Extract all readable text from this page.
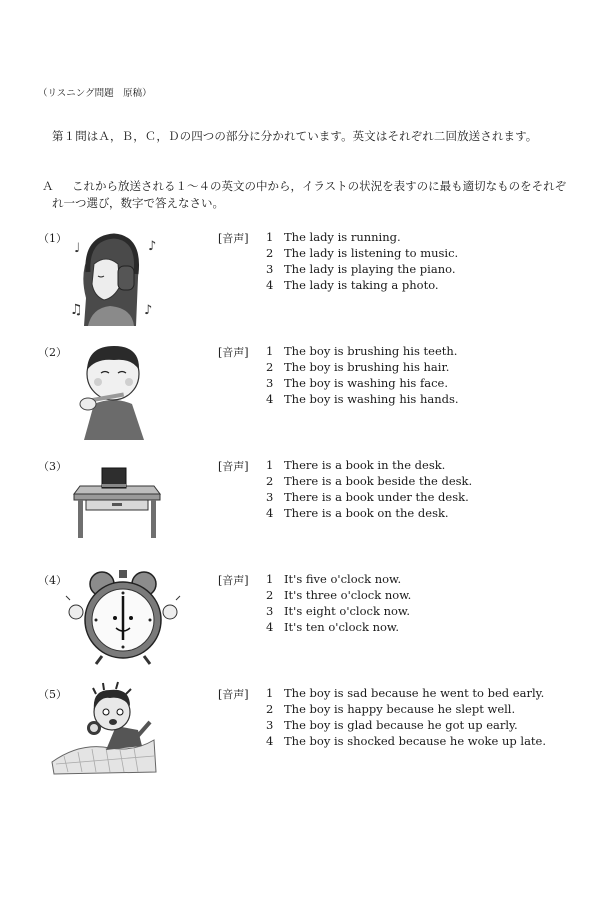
（リスニング問題　原稿）
第１問はＡ，Ｂ，Ｃ，Ｄの四つの部分に分かれています。英文はそれぞれ二回放送されます。
Ａ これから放送される１～４の英文の中から，イラストの状況を表すのに最も適切なものをそれぞ
れ一つ選び，数字で答えなさい。
（1）
♩	♪
♫	♪
[音声] 1 The lady is running.
2 The lady is listening to music.
3 The lady is playing the piano.
4 The lady is taking a photo.
（2）	[音声] 1 The boy is brushing his teeth.
2 The boy is brushing his hair.
3 The boy is washing his face.
4 The boy is washing his hands.
（3）	[音声] 1 There is a book in the desk.
2 There is a book beside the desk.
3 There is a book under the desk.
4 There is a book on the desk.
（4）	[音声] 1 It's five o'clock now.
2 It's three o'clock now.
3 It's eight o'clock now.
4 It's ten o'clock now.
（5）	[音声] 1 The boy is sad because he went to bed early.
2 The boy is happy because he slept well.
3 The boy is glad because he got up early.
4 The boy is shocked because he woke up late.
